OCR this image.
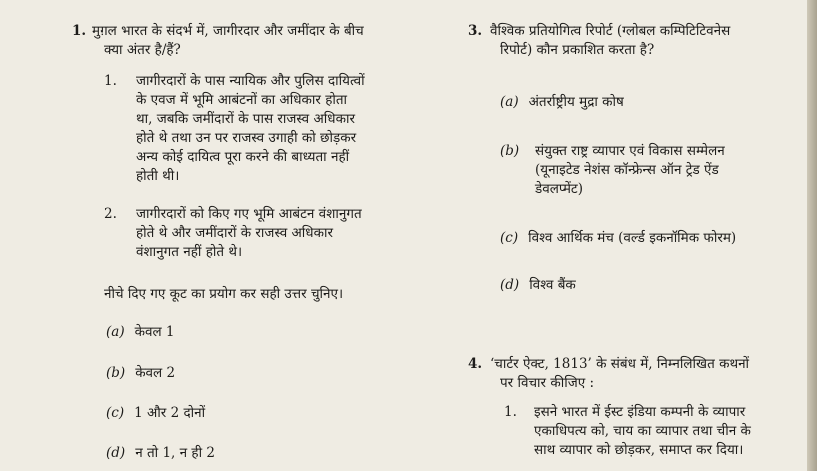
1. मुग़ल भारत के संदर्भ में, जागीरदार और जमींदार के बीच
क्या अंतर है/हैं?
1. जागीरदारों के पास न्यायिक और पुलिस दायित्वों
के एवज में भूमि आबंटनों का अधिकार होता
था, जबकि जमींदारों के पास राजस्व अधिकार
होते थे तथा उन पर राजस्व उगाही को छोड़कर
अन्य कोई दायित्व पूरा करने की बाध्यता नहीं
होती थी।
2. जागीरदारों को किए गए भूमि आबंटन वंशानुगत
होते थे और जमींदारों के राजस्व अधिकार
वंशानुगत नहीं होते थे।
नीचे दिए गए कूट का प्रयोग कर सही उत्तर चुनिए।
(a) केवल 1
(b) केवल 2
(c) 1 और 2 दोनों
(d) न तो 1, न ही 2
3. वैश्विक प्रतियोगित्व रिपोर्ट (ग्लोबल कम्पिटिटिवनेस
रिपोर्ट) कौन प्रकाशित करता है?
(a) अंतर्राष्ट्रीय मुद्रा कोष
(b) संयुक्त राष्ट्र व्यापार एवं विकास सम्मेलन
(यूनाइटेड नेशंस कॉन्फ्रेन्स ऑन ट्रेड ऐंड
डेवलप्मेंट)
(c) विश्व आर्थिक मंच (वर्ल्ड इकनॉमिक फोरम)
(d) विश्व बैंक
4. ‘चार्टर ऐक्ट, 1813’ के संबंध में, निम्नलिखित कथनों
पर विचार कीजिए :
1. इसने भारत में ईस्ट इंडिया कम्पनी के व्यापार
एकाधिपत्य को, चाय का व्यापार तथा चीन के
साथ व्यापार को छोड़कर, समाप्त कर दिया।
